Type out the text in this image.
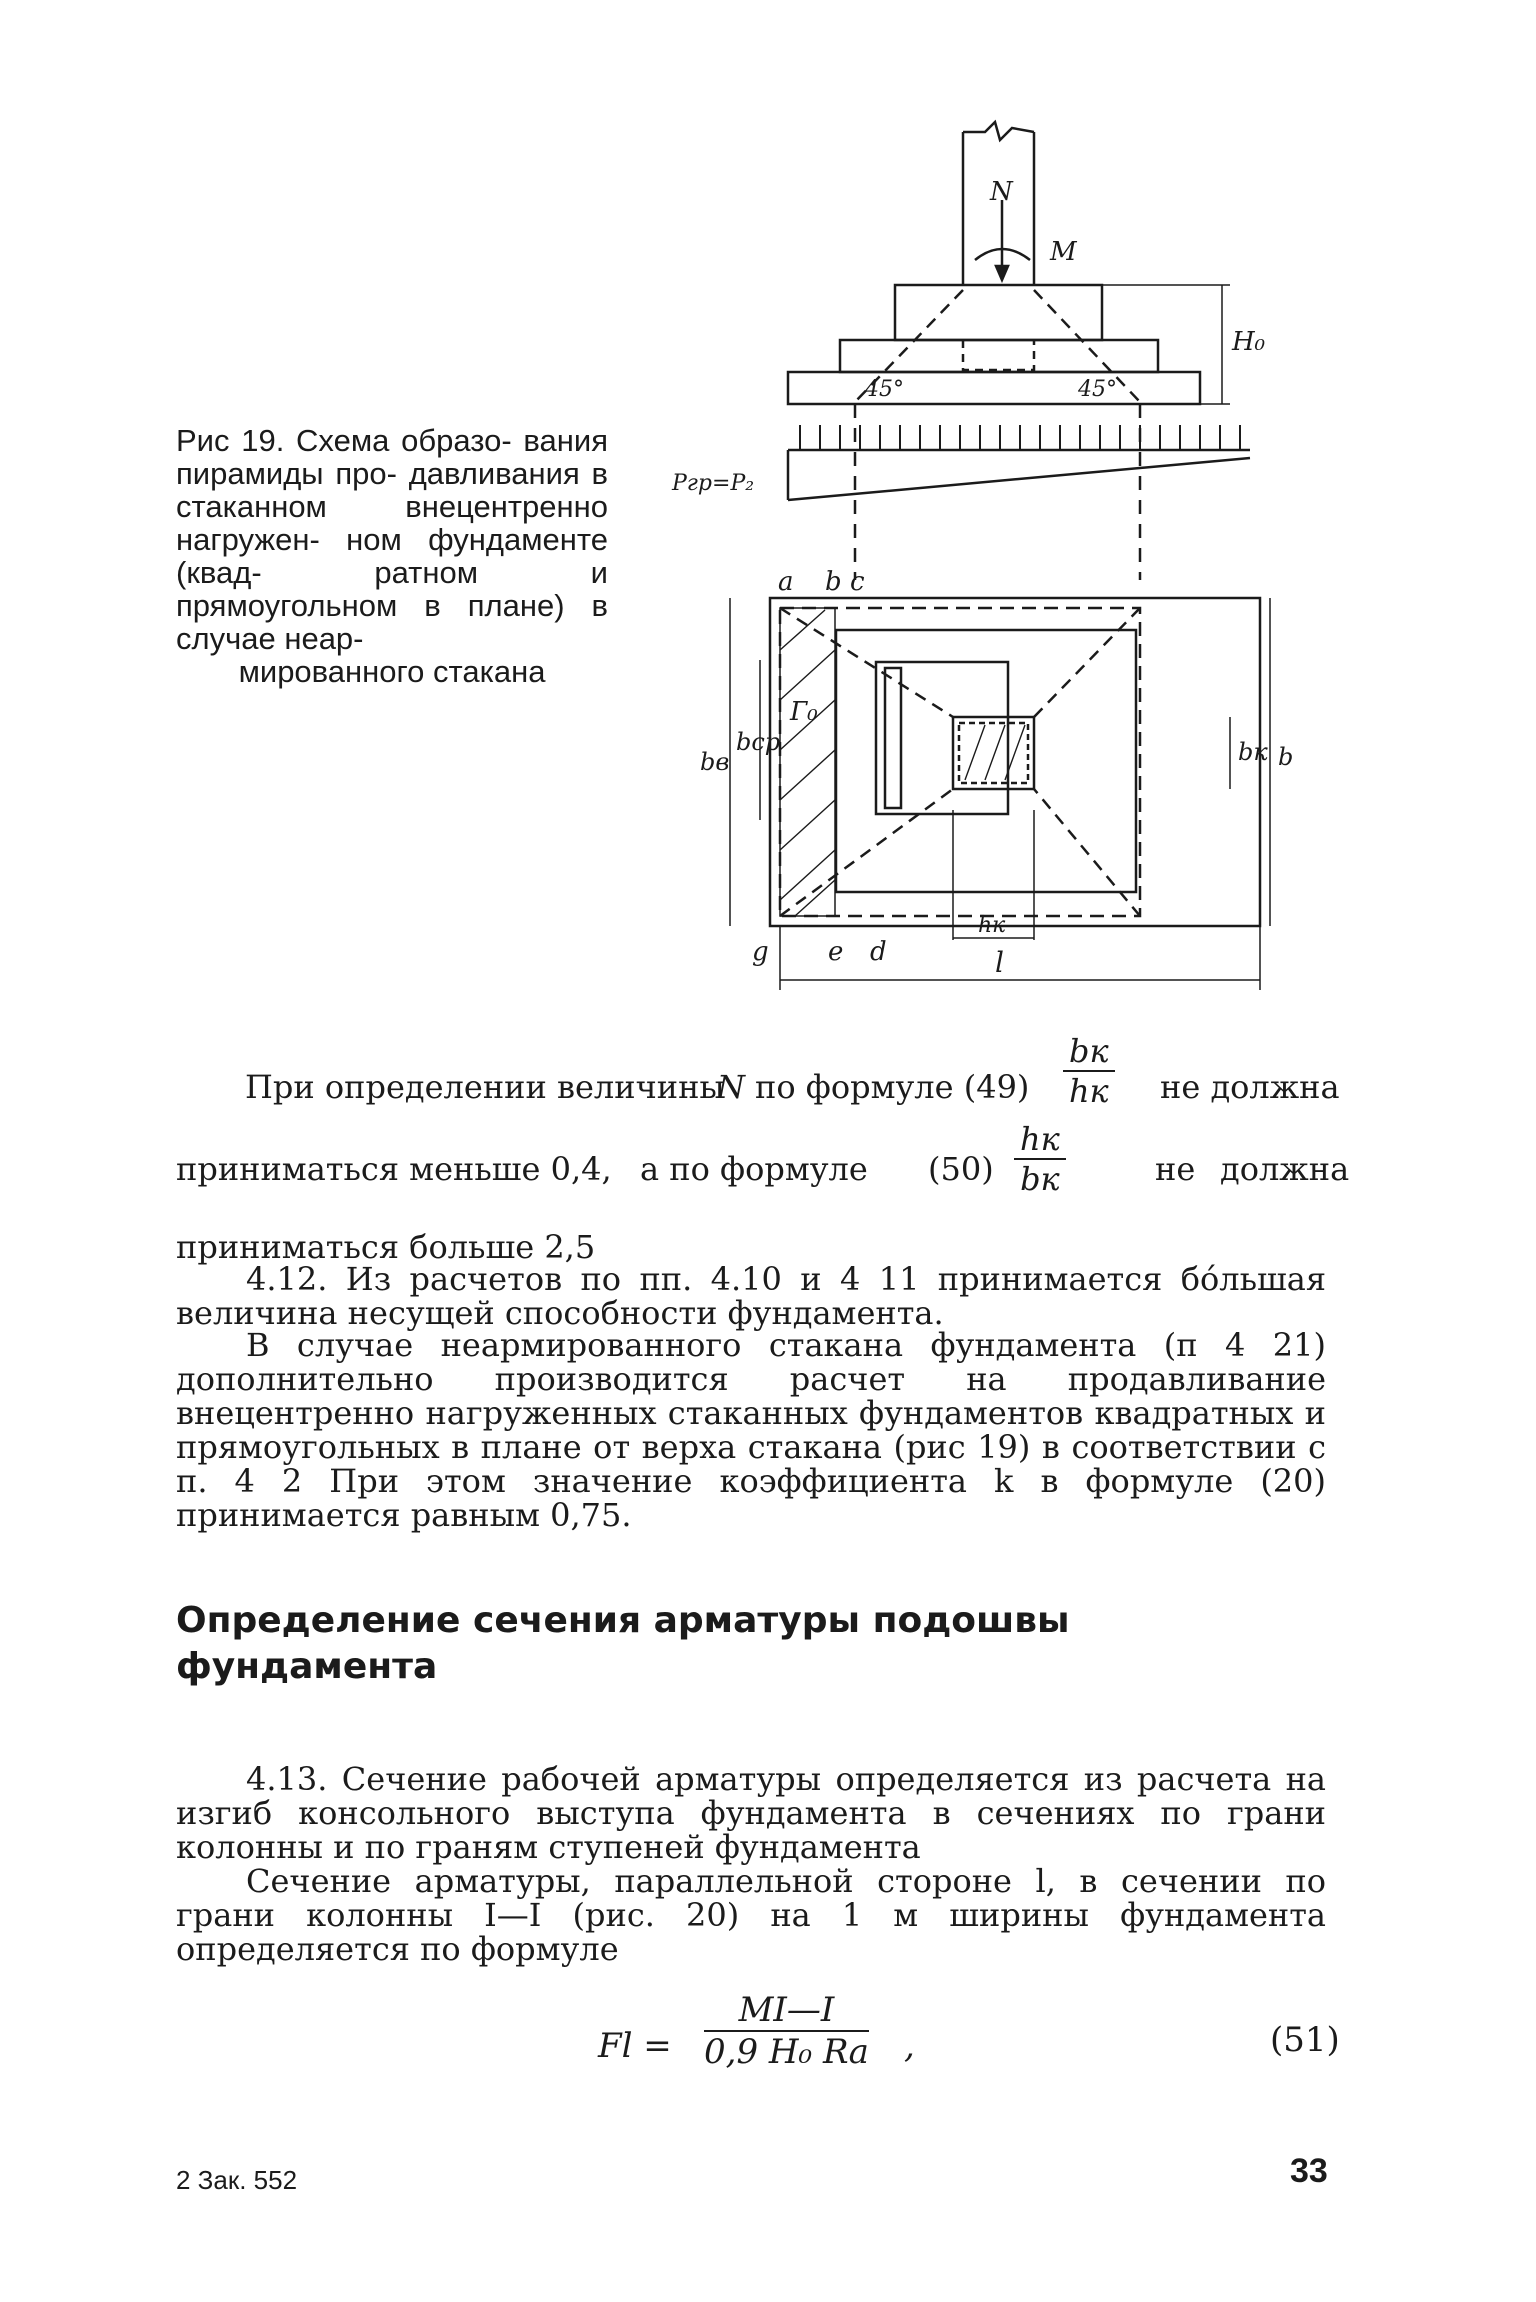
Рис 19. Схема образо- вания пирамиды про- давливания в стаканном	внецентренно нагружен- ном фундаменте (квад-	ратном и прямоугольном в плане) в случае неар-
мированного стакана
N
M
45°	45°
H₀
Pгр=P₂
a b c
g e d
Г₀
bв
bср	bк b
hк
l
При определении величины
N по формуле (49)
bк
hк не должна
приниматься меньше 0,4, а по формуле (50)
hк
bк	не должна
приниматься больше 2,5
4.12. Из расчетов по пп. 4.10 и 4 11 принимается бóльшая величина несущей способности фундамента.
В случае неармированного стакана фундамента (п 4 21) дополнительно производится расчет на продавливание внецентренно нагруженных стаканных фундаментов квадратных и прямоугольных в плане от верха стакана (рис 19) в соответствии с п. 4 2 При этом значение коэффициента k в формуле (20) принимается равным 0,75.
Определение сечения арматуры подошвы фундамента
4.13. Сечение рабочей арматуры определяется из расчета на изгиб консольного выступа фундамента в сечениях по грани колонны и по граням ступеней фундамента
Сечение арматуры, параллельной стороне l, в сечении по грани колонны I—I (рис. 20) на 1 м ширины фундамента определяется по формуле
Fl =
MI—I
0,9 H₀ Rа ,	(51)
2 Зак. 552	33
